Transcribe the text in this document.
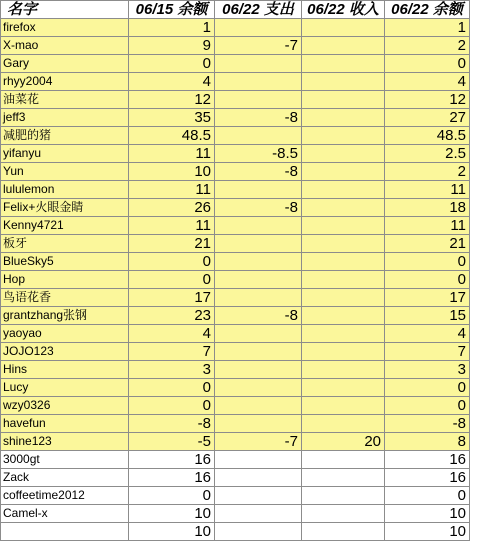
名字	06/15 余额	06/22 支出	06/22 收入	06/22 余额
firefox	1			1
X-mao	9	-7		2
Gary	0			0
rhyy2004	4			4
油菜花	12			12
jeff3	35	-8		27
减肥的猪	48.5			48.5
yifanyu	11	-8.5		2.5
Yun	10	-8		2
lululemon	11			11
Felix+火眼金睛	26	-8		18
Kenny4721	11			11
板牙	21			21
BlueSky5	0			0
Hop	0			0
鸟语花香	17			17
grantzhang张钢	23	-8		15
yaoyao	4			4
JOJO123	7			7
Hins	3			3
Lucy	0			0
wzy0326	0			0
havefun	-8			-8
shine123	-5	-7	20	8
3000gt	16			16
Zack	16			16
coffeetime2012	0			0
Camel-x	10			10
	10			10
